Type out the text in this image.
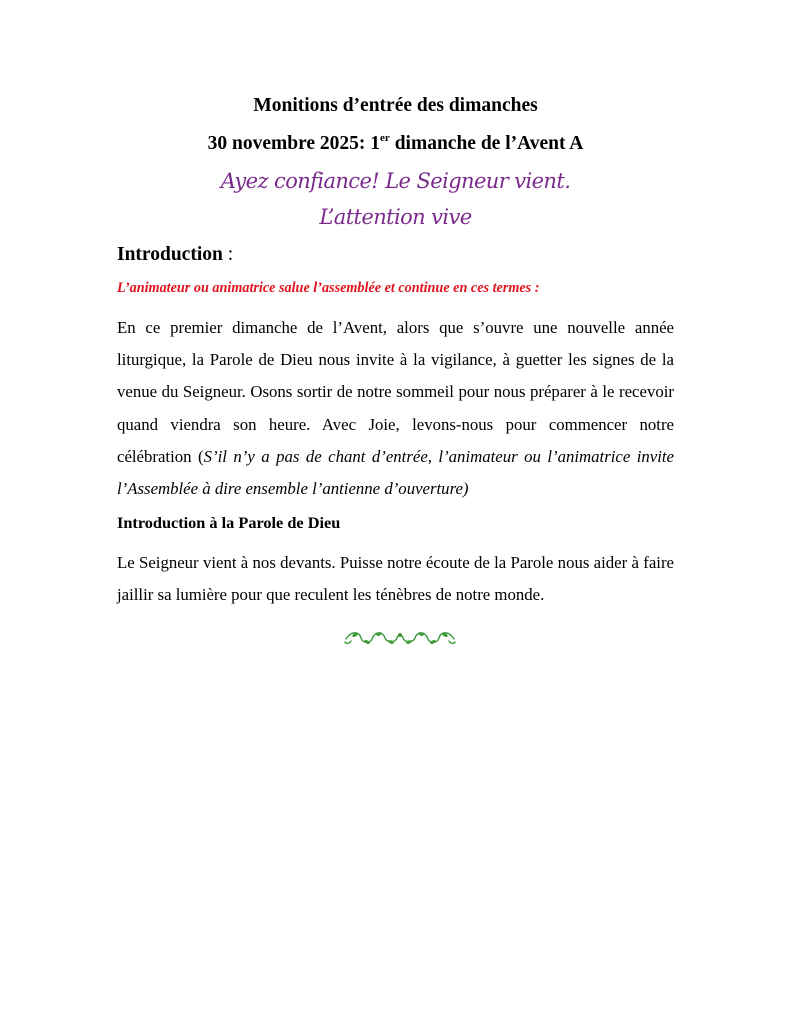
Monitions d’entrée des dimanches
30 novembre 2025: 1er dimanche de l’Avent A
Ayez confiance! Le Seigneur vient.
L’attention vive
Introduction :
L’animateur ou animatrice salue l’assemblée et continue en ces termes :
En ce premier dimanche de l’Avent, alors que s’ouvre une nouvelle année liturgique, la Parole de Dieu nous invite à la vigilance, à guetter les signes de la venue du Seigneur. Osons sortir de notre sommeil pour nous préparer à le recevoir quand viendra son heure. Avec Joie, levons-nous pour commencer notre célébration (S’il n’y a pas de chant d’entrée, l’animateur ou l’animatrice invite l’Assemblée à dire ensemble l’antienne d’ouverture)
Introduction à la Parole de Dieu
Le Seigneur vient à nos devants. Puisse notre écoute de la Parole nous aider à faire jaillir sa lumière pour que reculent les ténèbres de notre monde.
